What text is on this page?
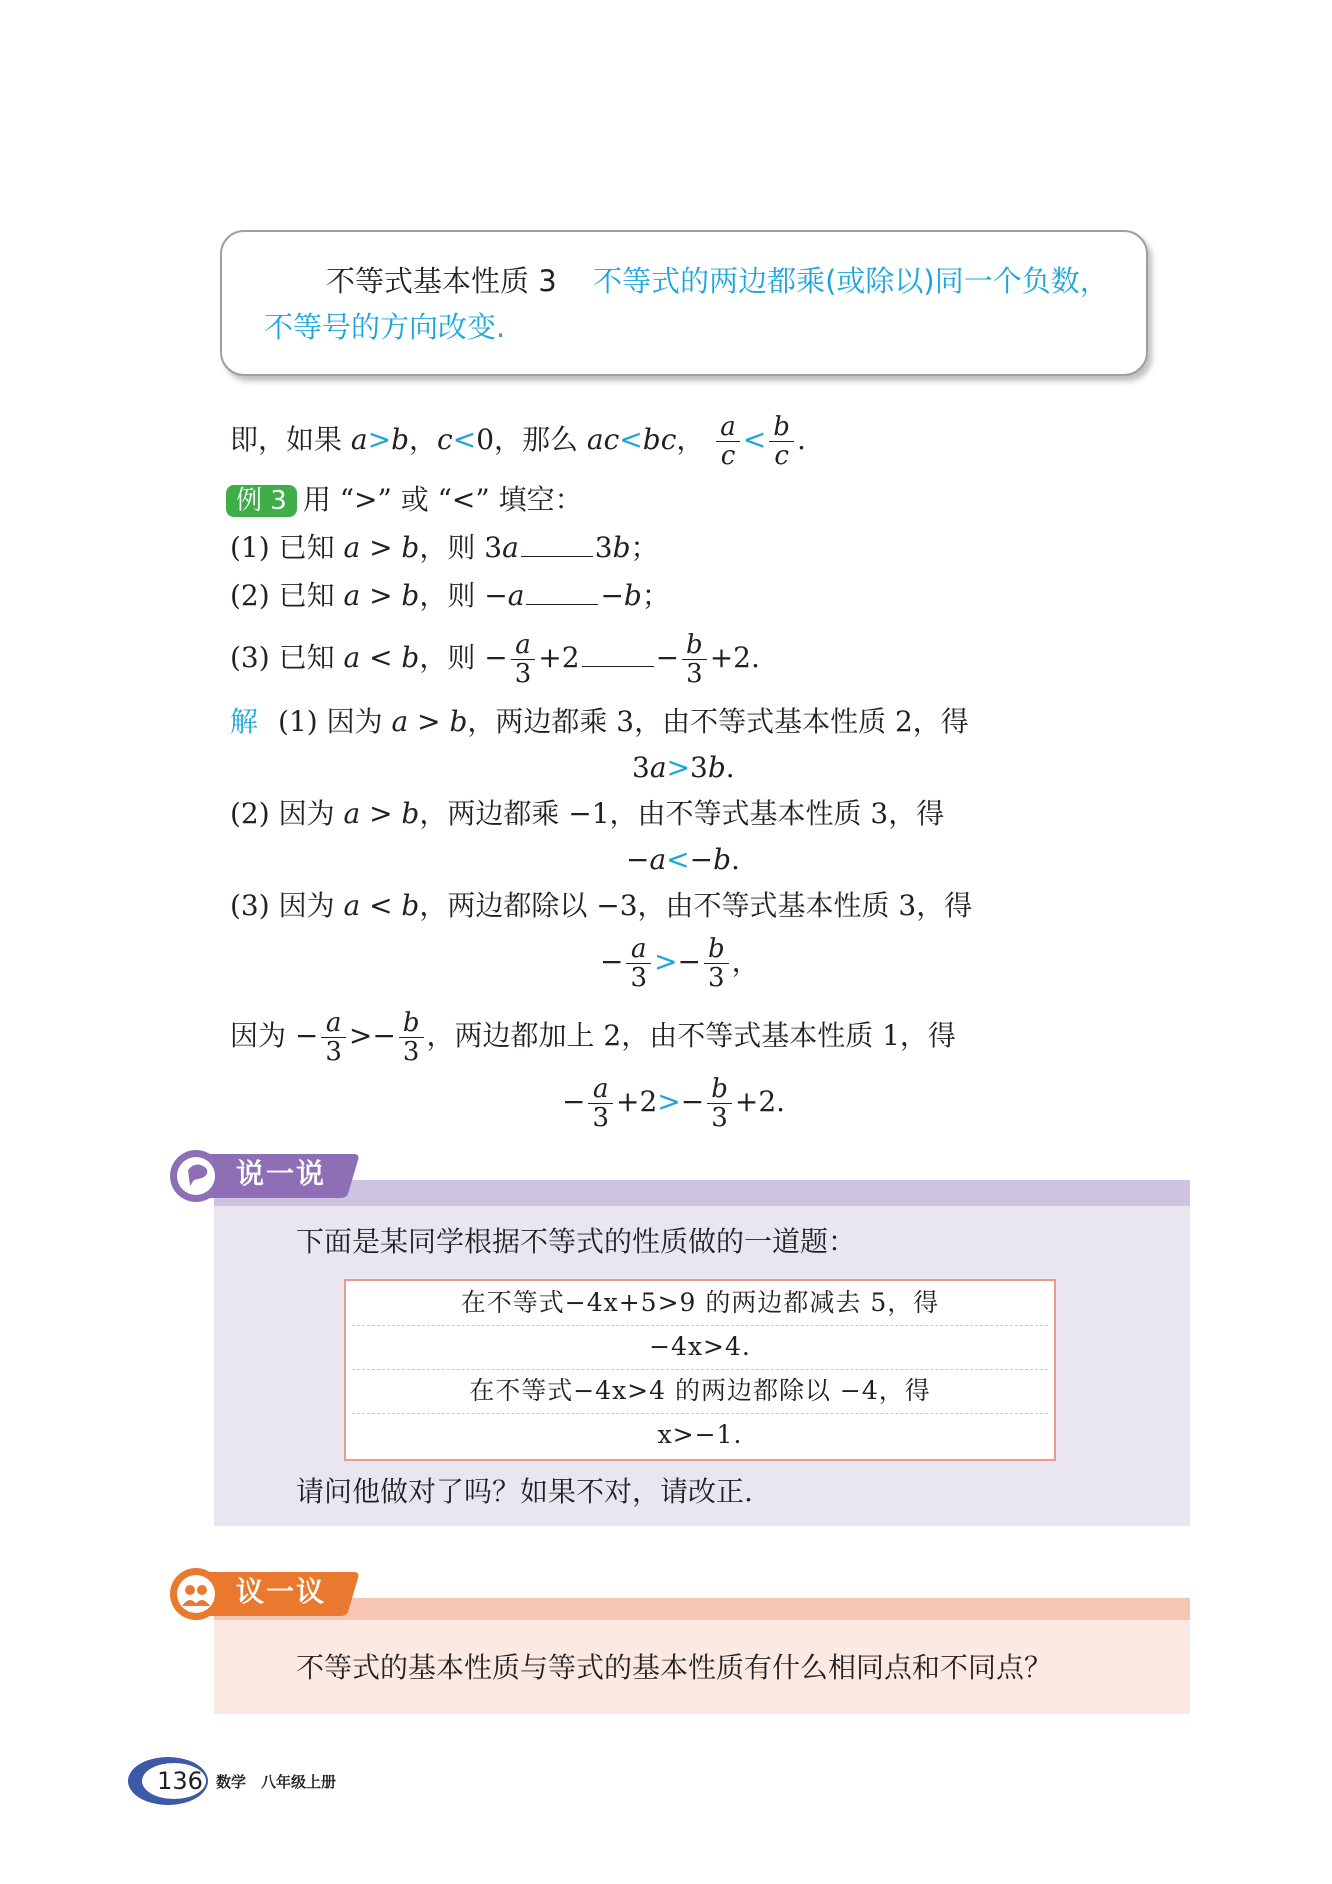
不等式基本性质 3 不等式的两边都乘(或除以)同一个负数，
不等号的方向改变.
即，如果 a>b，c<0，那么 ac<bc， $\frac{a}{c} < \frac{b}{c}$ .
例 3 用 “>” 或 “<” 填空：
(1) 已知 a > b，则 3a	3b；
(2) 已知 a > b，则 −a	−b；
(3) 已知 a < b，则 − $\frac{a}{3} +2$	− $\frac{b}{3} +2$.
解 (1) 因为 a > b，两边都乘 3，由不等式基本性质 2，得
3a>3b.
(2) 因为 a > b，两边都乘 −1，由不等式基本性质 3，得
−a<−b.
(3) 因为 a < b，两边都除以 −3，由不等式基本性质 3，得
− $\frac{a}{3} >- \frac{b}{3}$ ，
因为 − $\frac{a}{3} >- \frac{b}{3}$ ，两边都加上 2，由不等式基本性质 1，得
− $\frac{a}{3} +2>- \frac{b}{3} +2$.
说一说
下面是某同学根据不等式的性质做的一道题：
在不等式−4x+5>9 的两边都减去 5，得
−4x>4.
在不等式−4x>4 的两边都除以 −4，得
x>−1.
请问他做对了吗？如果不对，请改正.
议一议
不等式的基本性质与等式的基本性质有什么相同点和不同点？
136 数学　八年级上册
